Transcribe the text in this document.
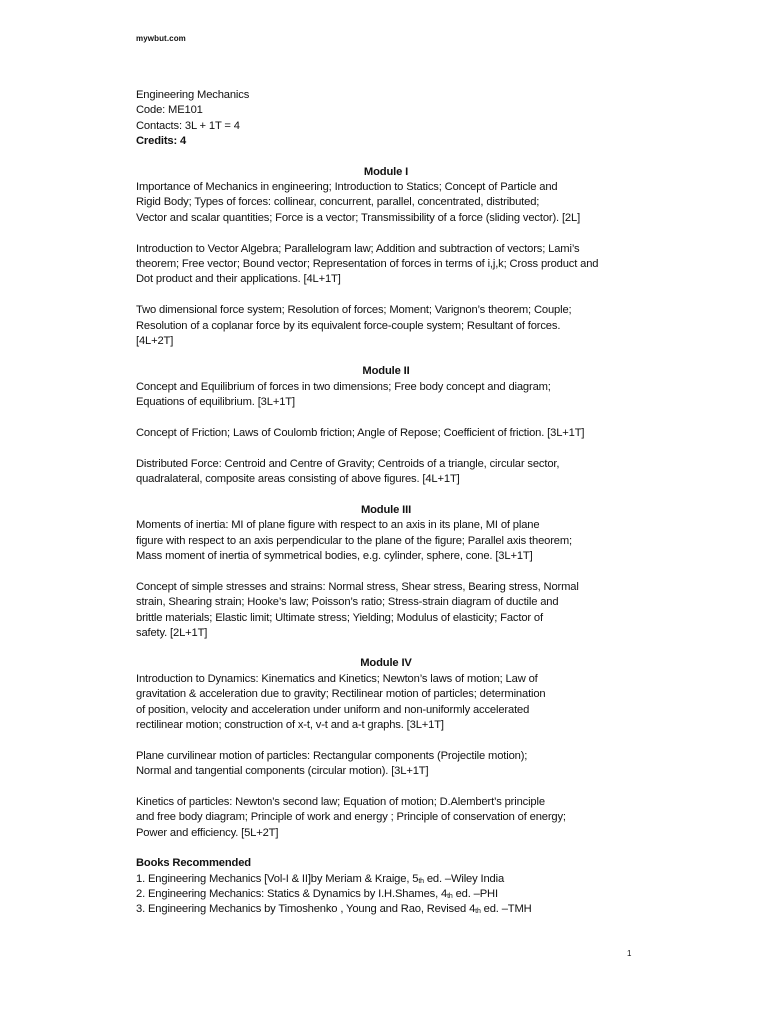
mywbut.com
Engineering Mechanics
Code: ME101
Contacts: 3L + 1T = 4
Credits: 4
Module I
Importance of Mechanics in engineering; Introduction to Statics; Concept of Particle and
Rigid Body; Types of forces: collinear, concurrent, parallel, concentrated, distributed;
Vector and scalar quantities; Force is a vector; Transmissibility of a force (sliding vector). [2L]
Introduction to Vector Algebra; Parallelogram law; Addition and subtraction of vectors; Lami’s
theorem; Free vector; Bound vector; Representation of forces in terms of i,j,k; Cross product and
Dot product and their applications. [4L+1T]
Two dimensional force system; Resolution of forces; Moment; Varignon’s theorem; Couple;
Resolution of a coplanar force by its equivalent force-couple system; Resultant of forces.
[4L+2T]
Module II
Concept and Equilibrium of forces in two dimensions; Free body concept and diagram;
Equations of equilibrium. [3L+1T]
Concept of Friction; Laws of Coulomb friction; Angle of Repose; Coefficient of friction. [3L+1T]
Distributed Force: Centroid and Centre of Gravity; Centroids of a triangle, circular sector,
quadralateral, composite areas consisting of above figures. [4L+1T]
Module III
Moments of inertia: MI of plane figure with respect to an axis in its plane, MI of plane
figure with respect to an axis perpendicular to the plane of the figure; Parallel axis theorem;
Mass moment of inertia of symmetrical bodies, e.g. cylinder, sphere, cone. [3L+1T]
Concept of simple stresses and strains: Normal stress, Shear stress, Bearing stress, Normal
strain, Shearing strain; Hooke’s law; Poisson’s ratio; Stress-strain diagram of ductile and
brittle materials; Elastic limit; Ultimate stress; Yielding; Modulus of elasticity; Factor of
safety. [2L+1T]
Module IV
Introduction to Dynamics: Kinematics and Kinetics; Newton’s laws of motion; Law of
gravitation & acceleration due to gravity; Rectilinear motion of particles; determination
of position, velocity and acceleration under uniform and non-uniformly accelerated
rectilinear motion; construction of x-t, v-t and a-t graphs. [3L+1T]
Plane curvilinear motion of particles: Rectangular components (Projectile motion);
Normal and tangential components (circular motion). [3L+1T]
Kinetics of particles: Newton’s second law; Equation of motion; D.Alembert’s principle
and free body diagram; Principle of work and energy ; Principle of conservation of energy;
Power and efficiency. [5L+2T]
Books Recommended
1. Engineering Mechanics [Vol-I & II]by Meriam & Kraige, $5_{th}$ ed. –Wiley India
2. Engineering Mechanics: Statics & Dynamics by I.H.Shames, $4_{th}$ ed. –PHI
3. Engineering Mechanics by Timoshenko , Young and Rao, Revised $4_{th}$ ed. –TMH
1
